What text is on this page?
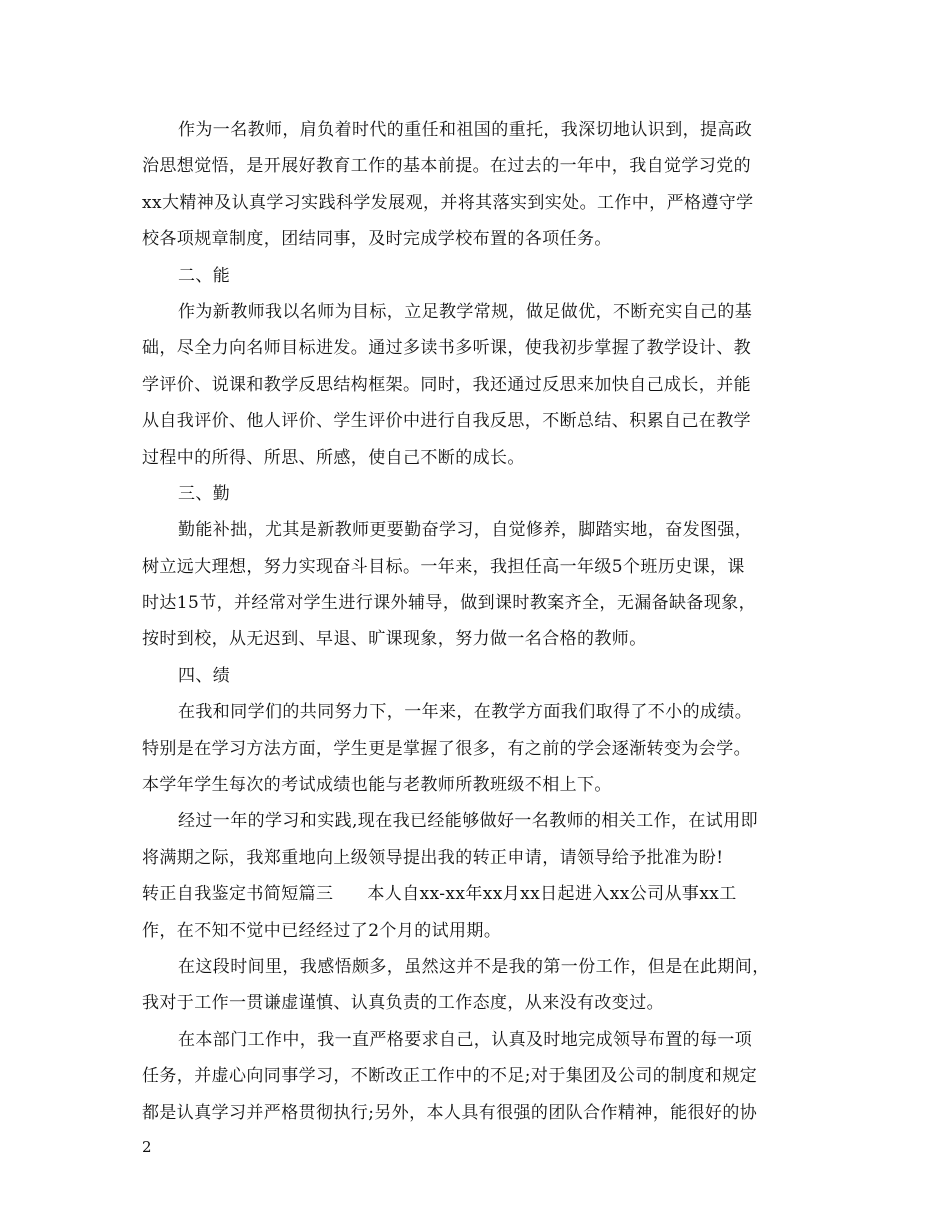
作为一名教师，肩负着时代的重任和祖国的重托，我深切地认识到，提高政
治思想觉悟，是开展好教育工作的基本前提。在过去的一年中，我自觉学习党的
xx大精神及认真学习实践科学发展观，并将其落实到实处。工作中，严格遵守学
校各项规章制度，团结同事，及时完成学校布置的各项任务。
二、能
作为新教师我以名师为目标，立足教学常规，做足做优，不断充实自己的基
础，尽全力向名师目标进发。通过多读书多听课，使我初步掌握了教学设计、教
学评价、说课和教学反思结构框架。同时，我还通过反思来加快自己成长，并能
从自我评价、他人评价、学生评价中进行自我反思，不断总结、积累自己在教学
过程中的所得、所思、所感，使自己不断的成长。
三、勤
勤能补拙，尤其是新教师更要勤奋学习，自觉修养，脚踏实地，奋发图强，
树立远大理想，努力实现奋斗目标。一年来，我担任高一年级5个班历史课，课
时达15节，并经常对学生进行课外辅导，做到课时教案齐全，无漏备缺备现象，
按时到校，从无迟到、早退、旷课现象，努力做一名合格的教师。
四、绩
在我和同学们的共同努力下，一年来，在教学方面我们取得了不小的成绩。
特别是在学习方法方面，学生更是掌握了很多，有之前的学会逐渐转变为会学。
本学年学生每次的考试成绩也能与老教师所教班级不相上下。
经过一年的学习和实践,现在我已经能够做好一名教师的相关工作，在试用即
将满期之际，我郑重地向上级领导提出我的转正申请，请领导给予批准为盼!
转正自我鉴定书简短篇三 本人自xx-xx年xx月xx日起进入xx公司从事xx工
作，在不知不觉中已经经过了2个月的试用期。
在这段时间里，我感悟颇多，虽然这并不是我的第一份工作，但是在此期间，
我对于工作一贯谦虚谨慎、认真负责的工作态度，从来没有改变过。
在本部门工作中，我一直严格要求自己，认真及时地完成领导布置的每一项
任务，并虚心向同事学习，不断改正工作中的不足;对于集团及公司的制度和规定
都是认真学习并严格贯彻执行;另外，本人具有很强的团队合作精神，能很好的协
2
